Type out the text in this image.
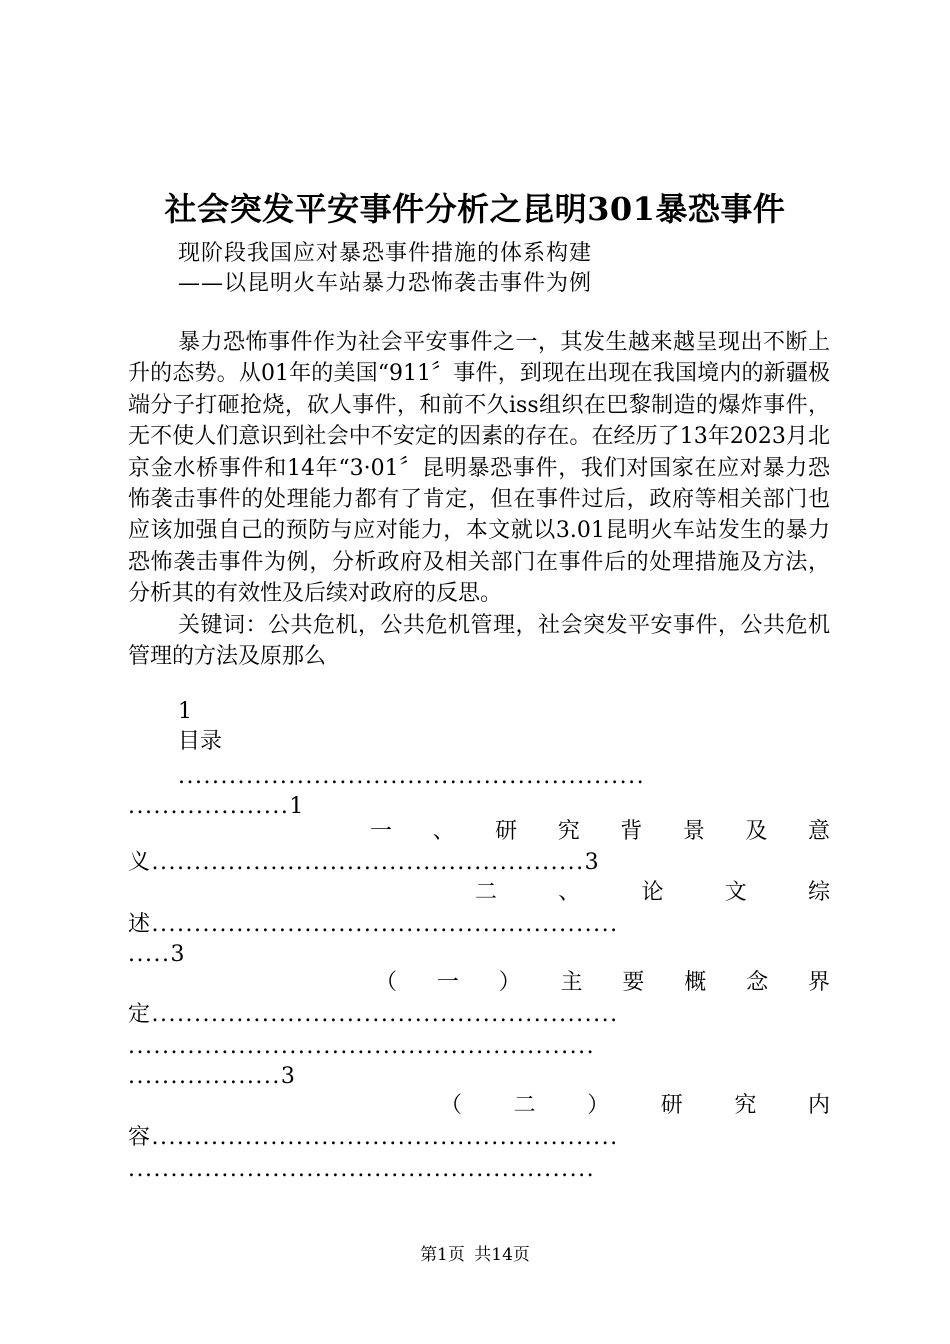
社会突发平安事件分析之昆明301暴恐事件
现阶段我国应对暴恐事件措施的体系构建
——以昆明火车站暴力恐怖袭击事件为例

暴力恐怖事件作为社会平安事件之一，其发生越来越呈现出不断上升的态势。从01年的美国“911〞事件，到现在出现在我国境内的新疆极端分子打砸抢烧，砍人事件，和前不久iss组织在巴黎制造的爆炸事件，无不使人们意识到社会中不安定的因素的存在。在经历了13年2023月北京金水桥事件和14年“3·01〞昆明暴恐事件，我们对国家在应对暴力恐怖袭击事件的处理能力都有了肯定，但在事件过后，政府等相关部门也应该加强自己的预防与应对能力，本文就以3.01昆明火车站发生的暴力恐怖袭击事件为例，分析政府及相关部门在事件后的处理措施及方法，分析其的有效性及后续对政府的反思。

关键词：公共危机，公共危机管理，社会突发平安事件，公共危机管理的方法及原那么

1
目录
.......................................................
...................1
一 、 研 究 背 景 及 意
义...................................................3
二	、	论	文	综
述.......................................................
.....3
（ 一 ） 主 要 概 念 界
定.......................................................
.......................................................
..................3
（ 二 ） 研 究 内
容.......................................................
.......................................................
第1页 共14页
